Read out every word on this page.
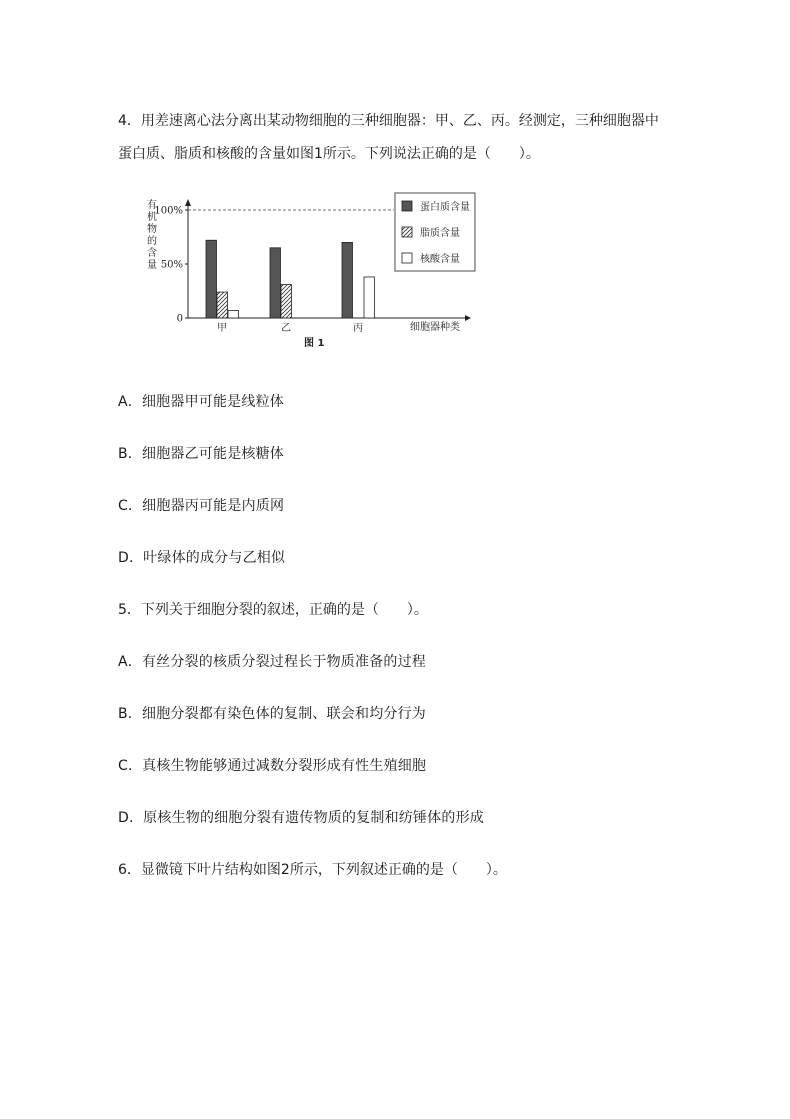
4．用差速离心法分离出某动物细胞的三种细胞器：甲、乙、丙。经测定，三种细胞器中
蛋白质、脂质和核酸的含量如图1所示。下列说法正确的是（　　）。
有
机
物
的
含
量
0
50%
100%
甲	乙	丙	细胞器种类
蛋白质含量
脂质含量
核酸含量
图 1
A．细胞器甲可能是线粒体
B．细胞器乙可能是核糖体
C．细胞器丙可能是内质网
D．叶绿体的成分与乙相似
5．下列关于细胞分裂的叙述，正确的是（　　）。
A．有丝分裂的核质分裂过程长于物质准备的过程
B．细胞分裂都有染色体的复制、联会和均分行为
C．真核生物能够通过减数分裂形成有性生殖细胞
D．原核生物的细胞分裂有遗传物质的复制和纺锤体的形成
6．显微镜下叶片结构如图2所示，下列叙述正确的是（　　）。
